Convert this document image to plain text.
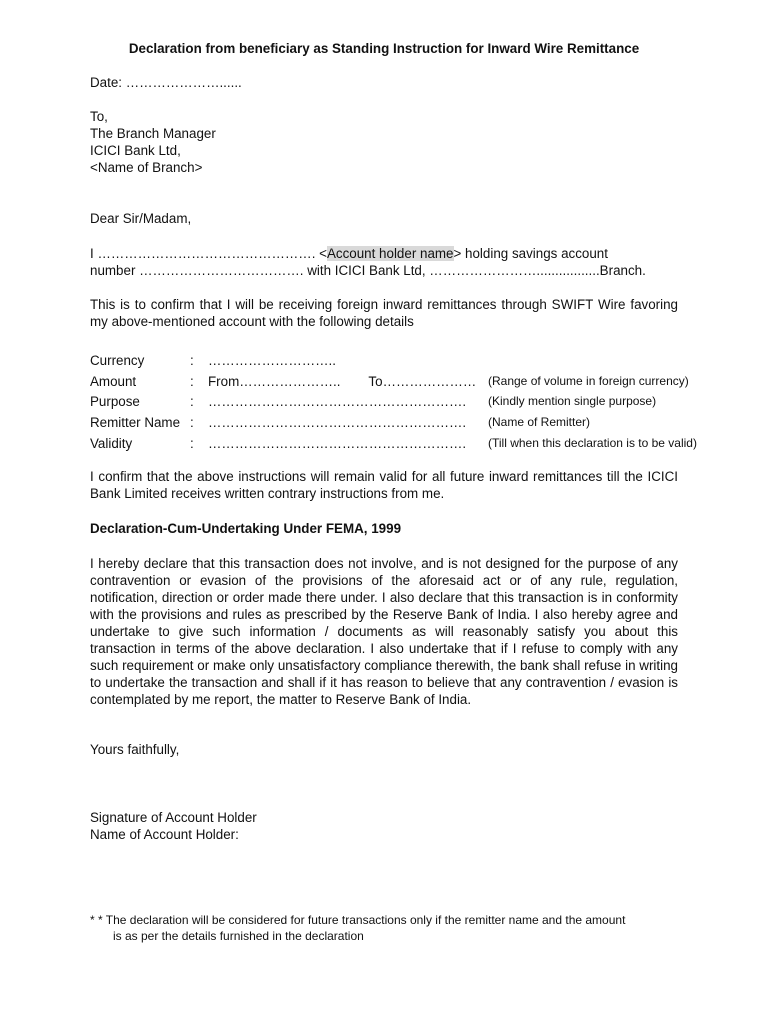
Declaration from beneficiary as Standing Instruction for Inward Wire Remittance
Date: …………………......
To,
The Branch Manager
ICICI Bank Ltd,
<Name of Branch>
Dear Sir/Madam,
I …………………………………………. <Account holder name> holding savings account
number ………………………………. with ICICI Bank Ltd, …………………….................Branch.
This is to confirm that I will be receiving foreign inward remittances through SWIFT Wire favoring my above-mentioned account with the following details
Currency	:	………………………..	
Amount	:	From………………….. To…………………	(Range of volume in foreign currency)
Purpose	:	………………………………………………….	(Kindly mention single purpose)
Remitter Name	:	………………………………………………….	(Name of Remitter)
Validity	:	………………………………………………….	(Till when this declaration is to be valid)
I confirm that the above instructions will remain valid for all future inward remittances till the ICICI Bank Limited receives written contrary instructions from me.
Declaration-Cum-Undertaking Under FEMA, 1999
I hereby declare that this transaction does not involve, and is not designed for the purpose of any contravention or evasion of the provisions of the aforesaid act or of any rule, regulation, notification, direction or order made there under. I also declare that this transaction is in conformity with the provisions and rules as prescribed by the Reserve Bank of India. I also hereby agree and undertake to give such information / documents as will reasonably satisfy you about this transaction in terms of the above declaration. I also undertake that if I refuse to comply with any such requirement or make only unsatisfactory compliance therewith, the bank shall refuse in writing to undertake the transaction and shall if it has reason to believe that any contravention / evasion is contemplated by me report, the matter to Reserve Bank of India.
Yours faithfully,
Signature of Account Holder
Name of Account Holder:
* * The declaration will be considered for future transactions only if the remitter name and the amount
is as per the details furnished in the declaration
